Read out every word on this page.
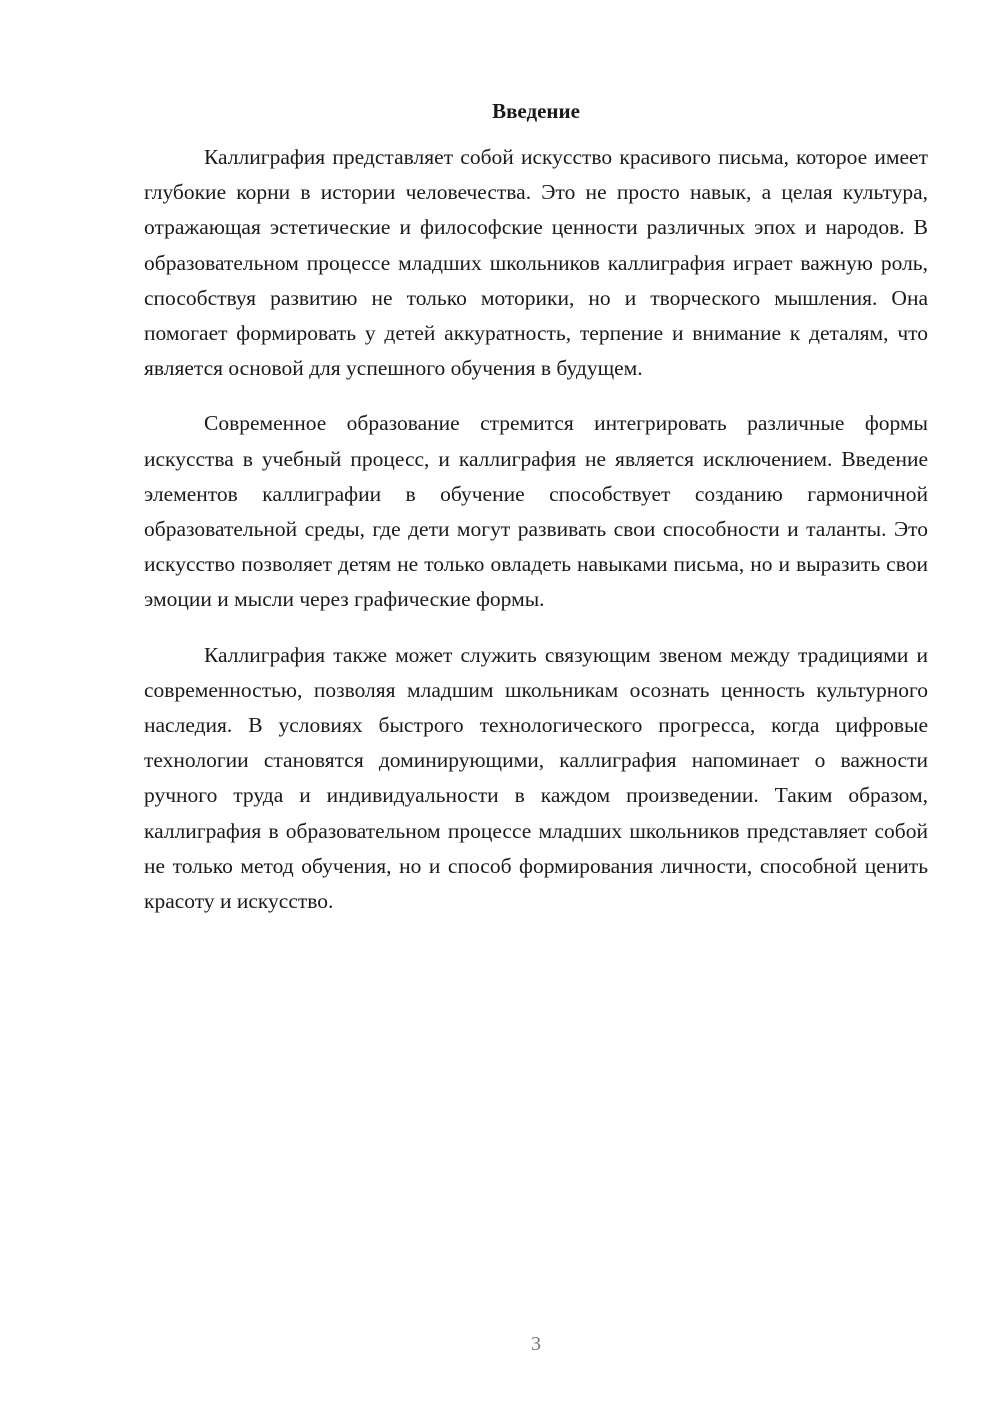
Введение

Каллиграфия представляет собой искусство красивого письма, которое имеет глубокие корни в истории человечества. Это не просто навык, а целая культура, отражающая эстетические и философские ценности различных эпох и народов. В образовательном процессе младших школьников каллиграфия играет важную роль, способствуя развитию не только моторики, но и творческого мышления. Она помогает формировать у детей аккуратность, терпение и внимание к деталям, что является основой для успешного обучения в будущем.

Современное образование стремится интегрировать различные формы искусства в учебный процесс, и каллиграфия не является исключением. Введение элементов каллиграфии в обучение способствует созданию гармоничной образовательной среды, где дети могут развивать свои способности и таланты. Это искусство позволяет детям не только овладеть навыками письма, но и выразить свои эмоции и мысли через графические формы.

Каллиграфия также может служить связующим звеном между традициями и современностью, позволяя младшим школьникам осознать ценность культурного наследия. В условиях быстрого технологического прогресса, когда цифровые технологии становятся доминирующими, каллиграфия напоминает о важности ручного труда и индивидуальности в каждом произведении. Таким образом, каллиграфия в образовательном процессе младших школьников представляет собой не только метод обучения, но и способ формирования личности, способной ценить красоту и искусство.

3
